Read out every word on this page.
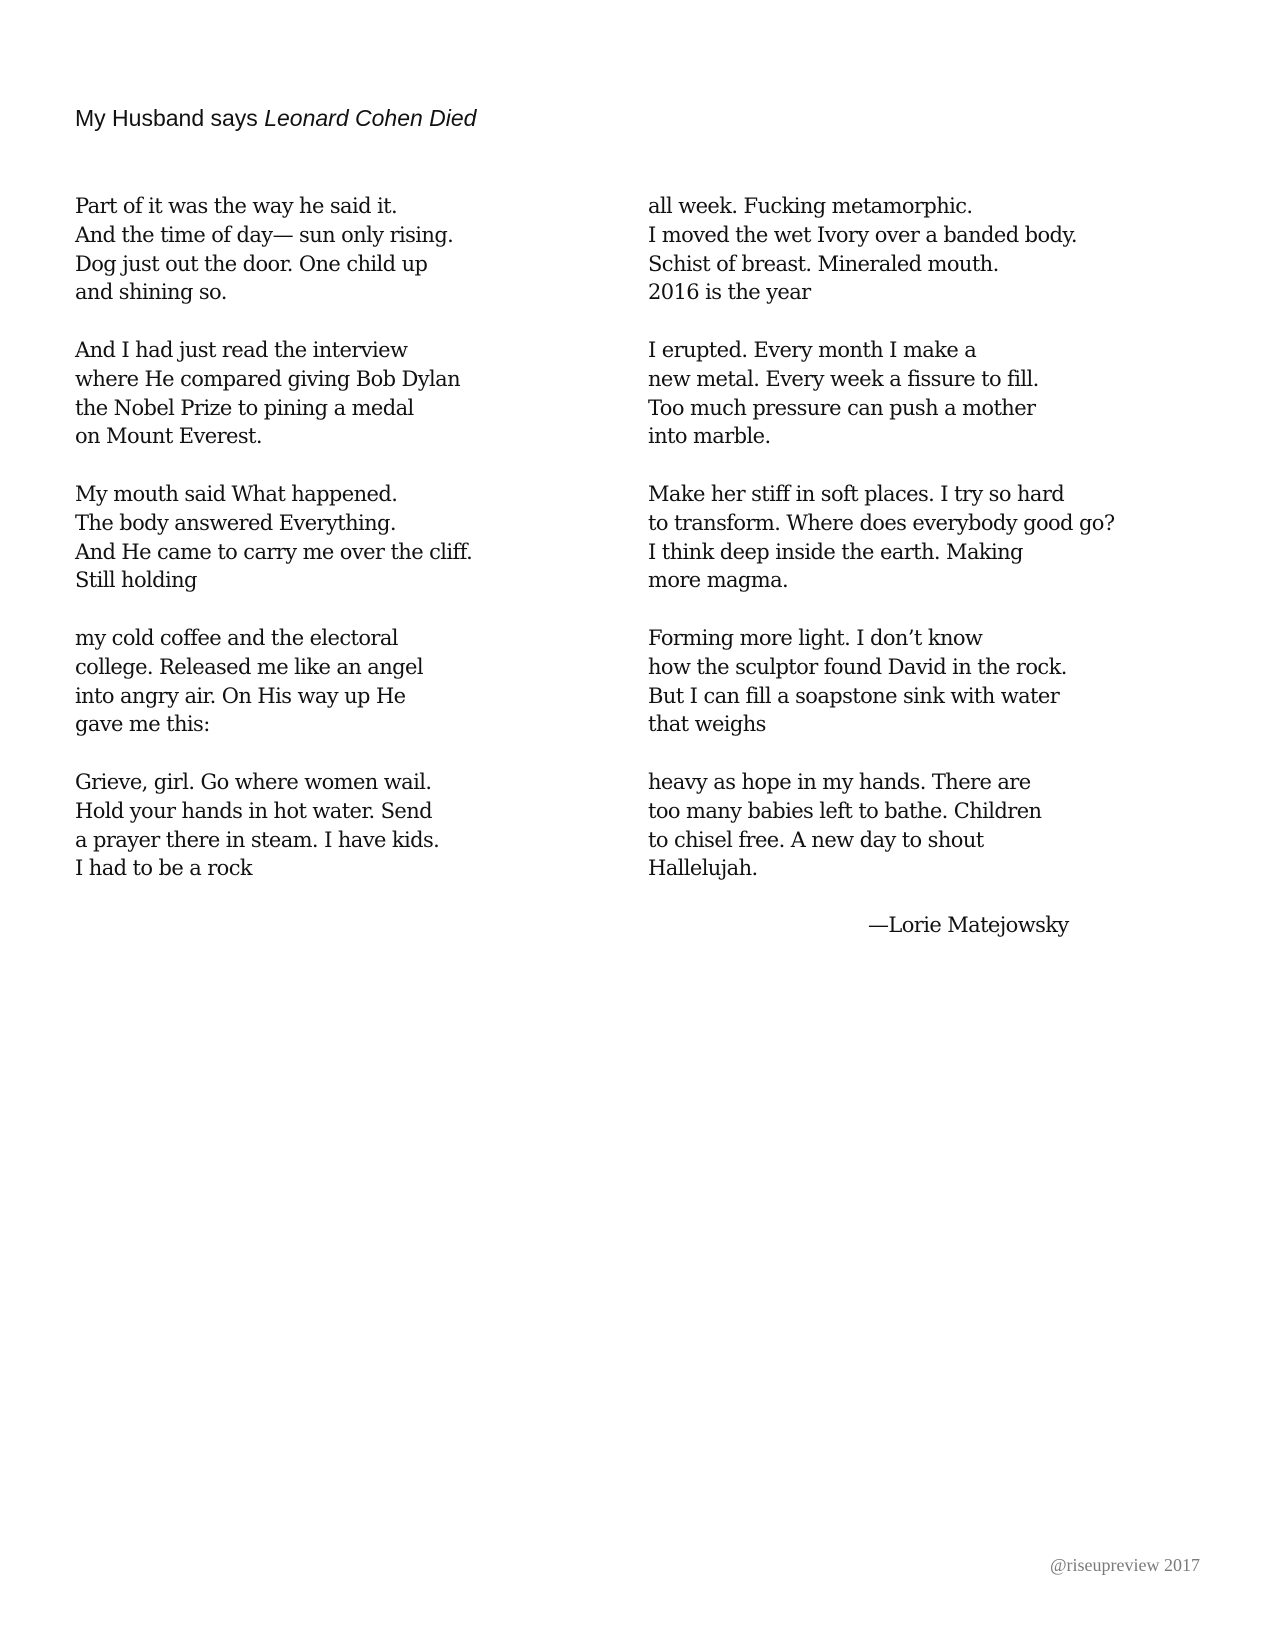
My Husband says Leonard Cohen Died
Part of it was the way he said it.
And the time of day— sun only rising.
Dog just out the door. One child up
and shining so.
And I had just read the interview
where He compared giving Bob Dylan
the Nobel Prize to pining a medal
on Mount Everest.
My mouth said What happened.
The body answered Everything.
And He came to carry me over the cliff.
Still holding
my cold coffee and the electoral
college. Released me like an angel
into angry air. On His way up He
gave me this:
Grieve, girl. Go where women wail.
Hold your hands in hot water. Send
a prayer there in steam. I have kids.
I had to be a rock
all week. Fucking metamorphic.
I moved the wet Ivory over a banded body.
Schist of breast. Mineraled mouth.
2016 is the year
I erupted. Every month I make a
new metal. Every week a fissure to fill.
Too much pressure can push a mother
into marble.
Make her stiff in soft places. I try so hard
to transform. Where does everybody good go?
I think deep inside the earth. Making
more magma.
Forming more light. I don’t know
how the sculptor found David in the rock.
But I can fill a soapstone sink with water
that weighs
heavy as hope in my hands. There are
too many babies left to bathe. Children
to chisel free. A new day to shout
Hallelujah.
—Lorie Matejowsky
@riseupreview 2017
